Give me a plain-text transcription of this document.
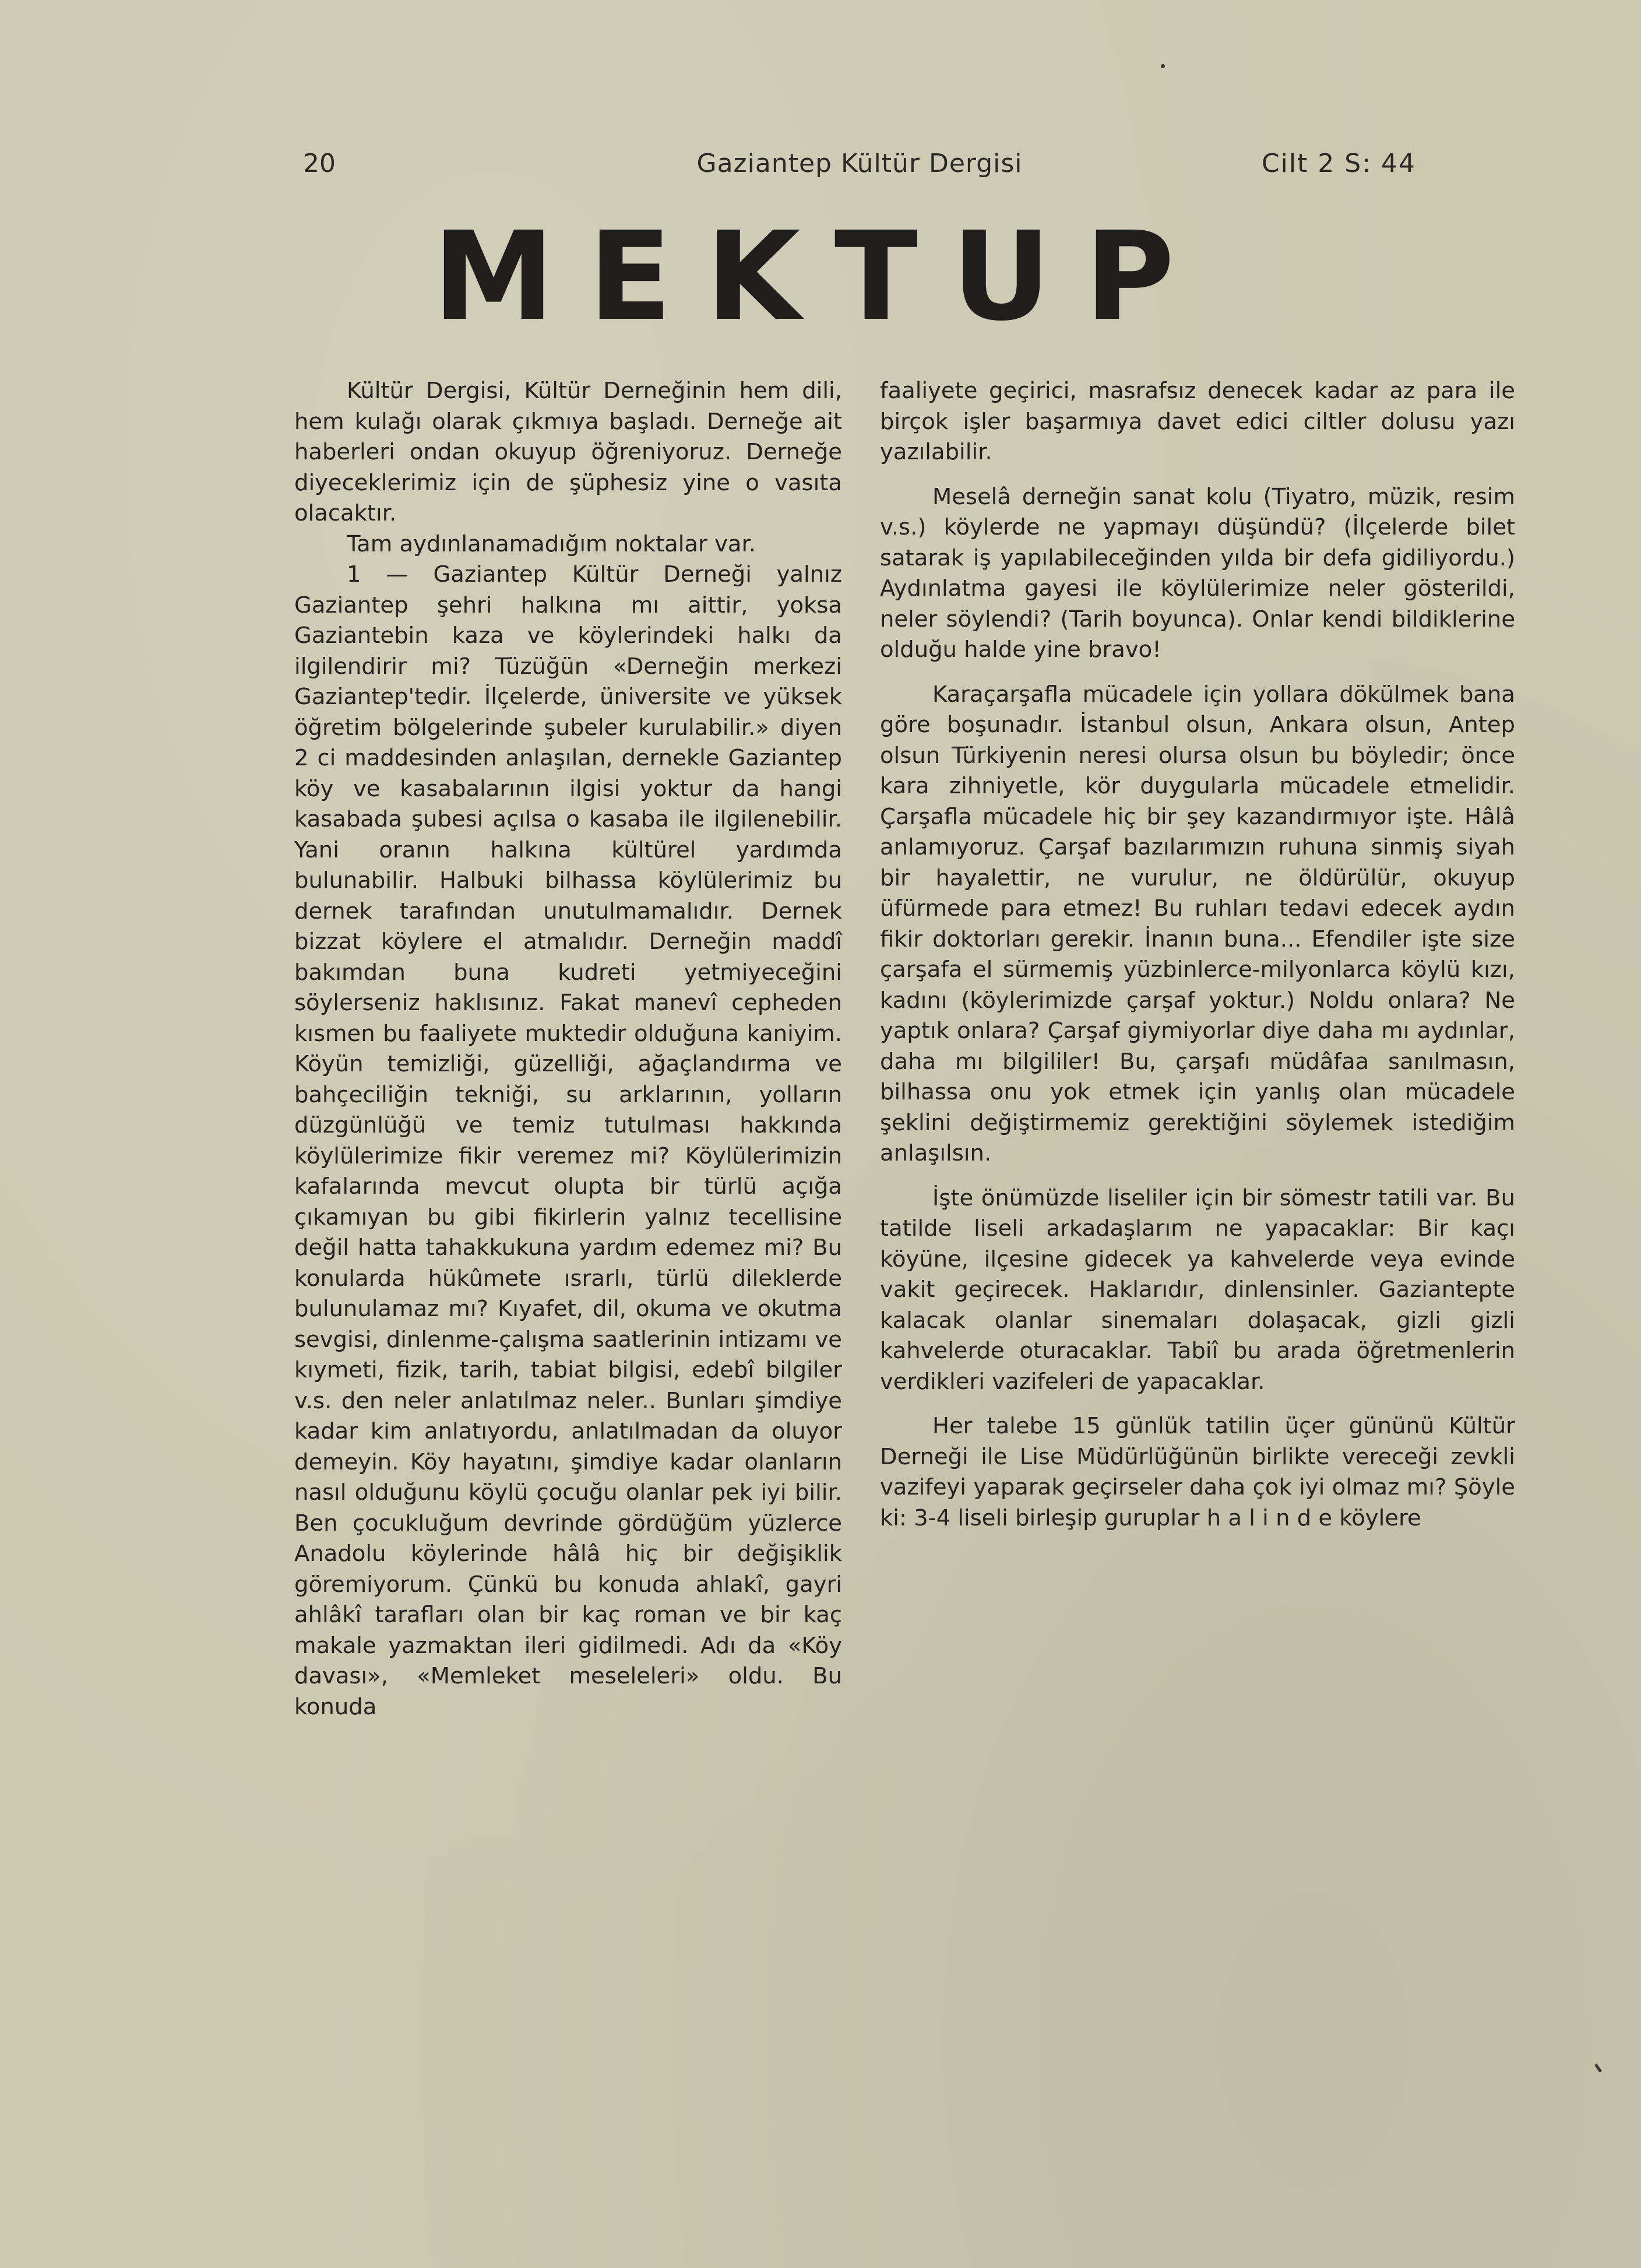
20	Gaziantep Kültür Dergisi	Cilt 2 S: 44
MEKTUP

Kültür Dergisi, Kültür Derneğinin hem dili, hem kulağı olarak çıkmıya başladı. Derneğe ait haberleri ondan okuyup öğreniyoruz. Derneğe diyeceklerimiz için de şüphesiz yine o vasıta olacaktır.

Tam aydınlanamadığım noktalar var.

1 — Gaziantep Kültür Derneği yalnız Gaziantep şehri halkına mı aittir, yoksa Gaziantebin kaza ve köylerindeki halkı da ilgilendirir mi? Tüzüğün «Derneğin merkezi Gaziantep'tedir. İlçelerde, üniversite ve yüksek öğretim bölgelerinde şubeler kurulabilir.» diyen 2 ci maddesinden anlaşılan, dernekle Gaziantep köy ve kasabalarının ilgisi yoktur da hangi kasabada şubesi açılsa o kasaba ile ilgilenebilir. Yani oranın halkına kültürel yardımda bulunabilir. Halbuki bilhassa köylülerimiz bu dernek tarafından unutulmamalıdır. Dernek bizzat köylere el atmalıdır. Derneğin maddî bakımdan buna kudreti yetmiyeceğini söylerseniz haklısınız. Fakat manevî cepheden kısmen bu faaliyete muktedir olduğuna kaniyim. Köyün temizliği, güzelliği, ağaçlandırma ve bahçeciliğin tekniği, su arklarının, yolların düzgünlüğü ve temiz tutulması hakkında köylülerimize fikir veremez mi? Köylülerimizin kafalarında mevcut olupta bir türlü açığa çıkamıyan bu gibi fikirlerin yalnız tecellisine değil hatta tahakkukuna yardım edemez mi? Bu konularda hükûmete ısrarlı, türlü dileklerde bulunulamaz mı? Kıyafet, dil, okuma ve okutma sevgisi, dinlenme-çalışma saatlerinin intizamı ve kıymeti, fizik, tarih, tabiat bilgisi, edebî bilgiler v.s. den neler anlatılmaz neler.. Bunları şimdiye kadar kim anlatıyordu, anlatılmadan da oluyor demeyin. Köy hayatını, şimdiye kadar olanların nasıl olduğunu köylü çocuğu olanlar pek iyi bilir. Ben çocukluğum devrinde gördüğüm yüzlerce Anadolu köylerinde hâlâ hiç bir değişiklik göremiyorum. Çünkü bu konuda ahlakî, gayri ahlâkî tarafları olan bir kaç roman ve bir kaç makale yazmaktan ileri gidilmedi. Adı da «Köy davası», «Memleket meseleleri» oldu. Bu konuda

faaliyete geçirici, masrafsız denecek kadar az para ile birçok işler başarmıya davet edici ciltler dolusu yazı yazılabilir.

Meselâ derneğin sanat kolu (Tiyatro, müzik, resim v.s.) köylerde ne yapmayı düşündü? (İlçelerde bilet satarak iş yapılabileceğinden yılda bir defa gidiliyordu.) Aydınlatma gayesi ile köylülerimize neler gösterildi, neler söylendi? (Tarih boyunca). Onlar kendi bildiklerine olduğu halde yine bravo!

Karaçarşafla mücadele için yollara dökülmek bana göre boşunadır. İstanbul olsun, Ankara olsun, Antep olsun Türkiyenin neresi olursa olsun bu böyledir; önce kara zihniyetle, kör duygularla mücadele etmelidir. Çarşafla mücadele hiç bir şey kazandırmıyor işte. Hâlâ anlamıyoruz. Çarşaf bazılarımızın ruhuna sinmiş siyah bir hayalettir, ne vurulur, ne öldürülür, okuyup üfürmede para etmez! Bu ruhları tedavi edecek aydın fikir doktorları gerekir. İnanın buna... Efendiler işte size çarşafa el sürmemiş yüzbinlerce-milyonlarca köylü kızı, kadını (köylerimizde çarşaf yoktur.) Noldu onlara? Ne yaptık onlara? Çarşaf giymiyorlar diye daha mı aydınlar, daha mı bilgililer! Bu, çarşafı müdâfaa sanılmasın, bilhassa onu yok etmek için yanlış olan mücadele şeklini değiştirmemiz gerektiğini söylemek istediğim anlaşılsın.

İşte önümüzde liseliler için bir sömestr tatili var. Bu tatilde liseli arkadaşlarım ne yapacaklar: Bir kaçı köyüne, ilçesine gidecek ya kahvelerde veya evinde vakit geçirecek. Haklarıdır, dinlensinler. Gaziantepte kalacak olanlar sinemaları dolaşacak, gizli gizli kahvelerde oturacaklar. Tabiî bu arada öğretmenlerin verdikleri vazifeleri de yapacaklar.

Her talebe 15 günlük tatilin üçer gününü Kültür Derneği ile Lise Müdürlüğünün birlikte vereceği zevkli vazifeyi yaparak geçirseler daha çok iyi olmaz mı? Şöyle ki: 3-4 liseli birleşip guruplar h a l i n d e köylere
